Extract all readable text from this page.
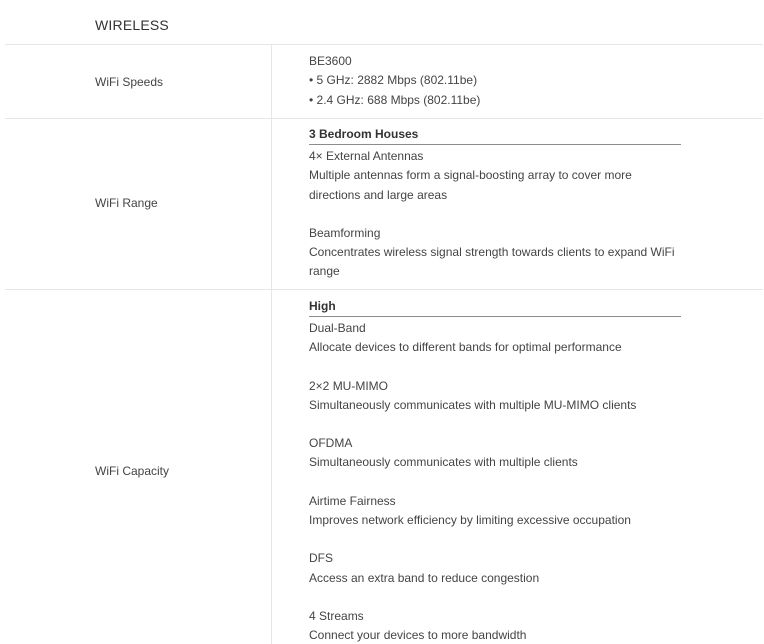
WIRELESS
WiFi Speeds
BE3600
• 5 GHz: 2882 Mbps (802.11be)
• 2.4 GHz: 688 Mbps (802.11be)
WiFi Range
3 Bedroom Houses
4× External Antennas
Multiple antennas form a signal-boosting array to cover more directions and large areas
Beamforming
Concentrates wireless signal strength towards clients to expand WiFi range
WiFi Capacity
High
Dual-Band
Allocate devices to different bands for optimal performance
2×2 MU-MIMO
Simultaneously communicates with multiple MU-MIMO clients
OFDMA
Simultaneously communicates with multiple clients
Airtime Fairness
Improves network efficiency by limiting excessive occupation
DFS
Access an extra band to reduce congestion
4 Streams
Connect your devices to more bandwidth
